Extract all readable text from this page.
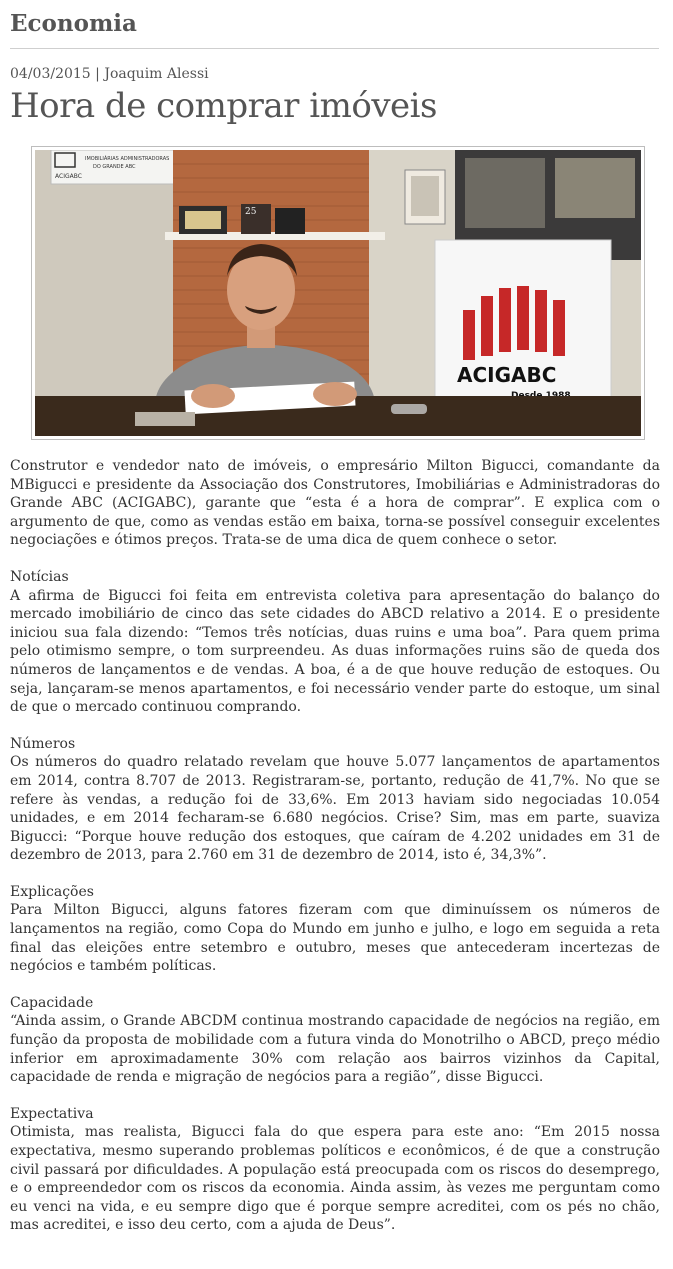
Economia
04/03/2015 | Joaquim Alessi
Hora de comprar imóveis
ACIGABC
IMOBILIÁRIAS ADMINISTRADORAS
DO GRANDE ABC
25
ACIGABC

Construtor e vendedor nato de imóveis, o empresário Milton Bigucci, comandante da MBigucci e presidente da Associação dos Construtores, Imobiliárias e Administradoras do Grande ABC (ACIGABC), garante que “esta é a hora de comprar”. E explica com o argumento de que, como as vendas estão em baixa, torna-se possível conseguir excelentes negociações e ótimos preços. Trata-se de uma dica de quem conhece o setor.

Notícias

A afirma de Bigucci foi feita em entrevista coletiva para apresentação do balanço do mercado imobiliário de cinco das sete cidades do ABCD relativo a 2014. E o presidente iniciou sua fala dizendo: “Temos três notícias, duas ruins e uma boa”. Para quem prima pelo otimismo sempre, o tom surpreendeu. As duas informações ruins são de queda dos números de lançamentos e de vendas. A boa, é a de que houve redução de estoques. Ou seja, lançaram-se menos apartamentos, e foi necessário vender parte do estoque, um sinal de que o mercado continuou comprando.

Números

Os números do quadro relatado revelam que houve 5.077 lançamentos de apartamentos em 2014, contra 8.707 de 2013. Registraram-se, portanto, redução de 41,7%. No que se refere às vendas, a redução foi de 33,6%. Em 2013 haviam sido negociadas 10.054 unidades, e em 2014 fecharam-se 6.680 negócios. Crise? Sim, mas em parte, suaviza Bigucci: “Porque houve redução dos estoques, que caíram de 4.202 unidades em 31 de dezembro de 2013, para 2.760 em 31 de dezembro de 2014, isto é, 34,3%”.

Explicações

Para Milton Bigucci, alguns fatores fizeram com que diminuíssem os números de lançamentos na região, como Copa do Mundo em junho e julho, e logo em seguida a reta final das eleições entre setembro e outubro, meses que antecederam incertezas de negócios e também políticas.

Capacidade

“Ainda assim, o Grande ABCDM continua mostrando capacidade de negócios na região, em função da proposta de mobilidade com a futura vinda do Monotrilho o ABCD, preço médio inferior em aproximadamente 30% com relação aos bairros vizinhos da Capital, capacidade de renda e migração de negócios para a região”, disse Bigucci.

Expectativa

Otimista, mas realista, Bigucci fala do que espera para este ano: “Em 2015 nossa expectativa, mesmo superando problemas políticos e econômicos, é de que a construção civil passará por dificuldades. A população está preocupada com os riscos do desemprego, e o empreendedor com os riscos da economia. Ainda assim, às vezes me perguntam como eu venci na vida, e eu sempre digo que é porque sempre acreditei, com os pés no chão, mas acreditei, e isso deu certo, com a ajuda de Deus”.
